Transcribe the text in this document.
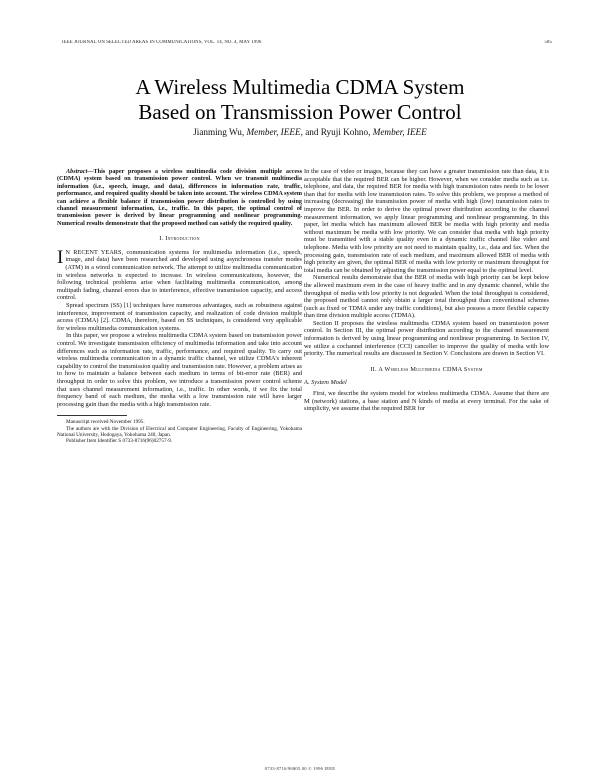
IEEE JOURNAL ON SELECTED AREAS IN COMMUNICATIONS, VOL. 14, NO. 4, MAY 1996	585
A Wireless Multimedia CDMA System
Based on Transmission Power Control
Jianming Wu, Member, IEEE, and Ryuji Kohno, Member, IEEE

Abstract—This paper proposes a wireless multimedia code division multiple access (CDMA) system based on transmission power control. When we transmit multimedia information (i.e., speech, image, and data), differences in information rate, traffic, performance, and required quality should be taken into account. The wireless CDMA system can achieve a flexible balance if transmission power distribution is controlled by using channel measurement information, i.e., traffic. In this paper, the optimal control of transmission power is derived by linear programming and nonlinear programming. Numerical results demonstrate that the proposed method can satisfy the required quality.

I. Introduction

I N RECENT YEARS, communication systems for multimedia information (i.e., speech, image, and data) have been researched and developed using asynchronous transfer modes (ATM) in a wired communication network. The attempt to utilize multimedia communication in wireless networks is expected to increase. In wireless communications, however, the following technical problems arise when facilitating multimedia communication, among multipath fading, channel errors due to interference, effective transmission capacity, and access control.

Spread spectrum (SS) [1] techniques have numerous advantages, such as robustness against interference, improvement of transmission capacity, and realization of code division multiple access (CDMA) [2]. CDMA, therefore, based on SS techniques, is considered very applicable for wireless multimedia communication systems.

In this paper, we propose a wireless multimedia CDMA system based on transmission power control. We investigate transmission efficiency of multimedia information and take into account differences such as information rate, traffic, performance, and required quality. To carry out wireless multimedia communication in a dynamic traffic channel, we utilize CDMA's inherent capability to control the transmission quality and transmission rate. However, a problem arises as to how to maintain a balance between each medium in terms of bit-error rate (BER) and throughput in order to solve this problem, we introduce a transmission power control scheme that uses channel measurement information, i.e., traffic. In other words, if we fix the total frequency band of each medium, the media with a low transmission rate will have larger processing gain than the media with a high transmission rate.

Manuscript received November 1995.

The authors are with the Division of Electrical and Computer Engineering, Faculty of Engineering, Yokohama National University, Hodogaya, Yokohama 240, Japan.

Publisher Item Identifier S 0733-8716(96)02757-9.

In the case of video or images, because they can have a greater transmission rate than data, it is acceptable that the required BER can be higher. However, when we consider media such as i.e. telephone, and data, the required BER for media with high transmission rates needs to be lower than that for media with low transmission rates. To solve this problem, we propose a method of increasing (decreasing) the transmission power of media with high (low) transmission rates to improve the BER. In order to derive the optimal power distribution according to the channel measurement information, we apply linear programming and nonlinear programming. In this paper, let media which has maximum allowed BER be media with high priority and media without maximum be media with low priority. We can consider that media with high priority must be transmitted with a stable quality even in a dynamic traffic channel like video and telephone. Media with low priority are not need to maintain quality, i.e., data and fax. When the processing gain, transmission rate of each medium, and maximum allowed BER of media with high priority are given, the optimal BER of media with low priority or maximum throughput for total media can be obtained by adjusting the transmission power equal to the optimal level.

Numerical results demonstrate that the BER of media with high priority can be kept below the allowed maximum even in the case of heavy traffic and in any dynamic channel, while the throughput of media with low priority is not degraded. When the total throughput is considered, the proposed method cannot only obtain a larger total throughput than conventional schemes (such as fixed or TDMA under any traffic conditions), but also possess a more flexible capacity than time division multiple access (TDMA).

Section II proposes the wireless multimedia CDMA system based on transmission power control. In Section III, the optimal power distribution according to the channel measurement information is derived by using linear programming and nonlinear programming. In Section IV, we utilize a cochannel interference (CCI) canceller to improve the quality of media with low priority. The numerical results are discussed in Section V. Conclusions are drawn in Section VI.

II. A Wireless Multimedia CDMA System
A. System Model

First, we describe the system model for wireless multimedia CDMA. Assume that there are M (network) stations, a base station and N kinds of media at every terminal. For the sake of simplicity, we assume that the required BER for

0733-8716/96$05.00 © 1996 IEEE
